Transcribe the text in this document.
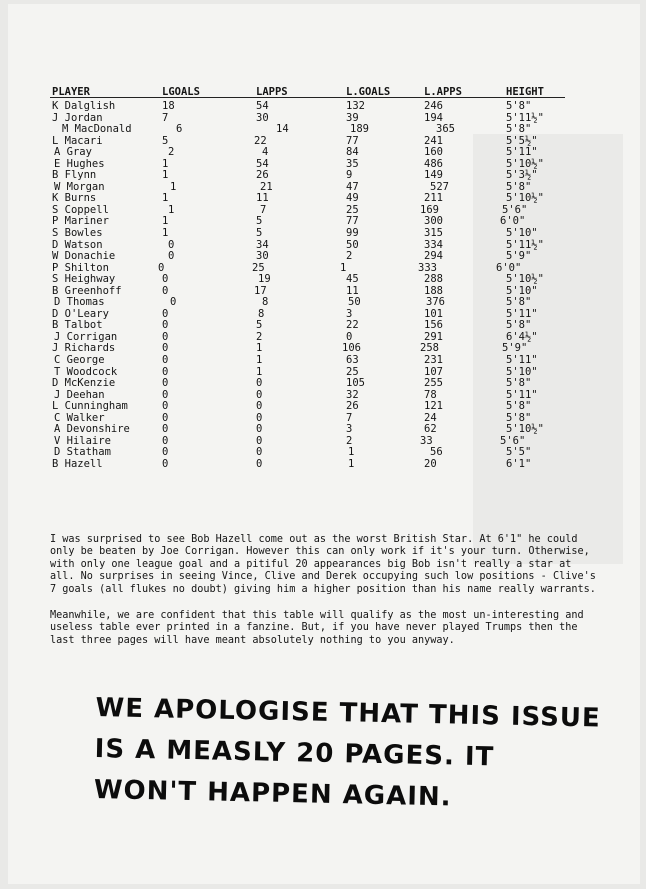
PLAYER	LGOALS	LAPPS	L.GOALS	L.APPS	HEIGHT
K Dalglish	18	54	132	246	5'8"
J Jordan	7	30	39	194	5'11½"
M MacDonald	6	14	189	365	5'8"
L Macari	5	22	77	241	5'5½"
A Gray	2	4	84	160	5'11"
E Hughes	1	54	35	486	5'10½"
B Flynn	1	26	9	149	5'3½"
W Morgan	1	21	47	527	5'8"
K Burns	1	11	49	211	5'10½"
S Coppell	1	7	25	169	5'6"
P Mariner	1	5	77	300	6'0"
S Bowles	1	5	99	315	5'10"
D Watson	0	34	50	334	5'11½"
W Donachie	0	30	2	294	5'9"
P Shilton	0	25	1	333	6'0"
S Heighway	0	19	45	288	5'10½"
B Greenhoff	0	17	11	188	5'10"
D Thomas	0	8	50	376	5'8"
D O'Leary	0	8	3	101	5'11"
B Talbot	0	5	22	156	5'8"
J Corrigan	0	2	0	291	6'4½"
J Richards	0	1	106	258	5'9"
C George	0	1	63	231	5'11"
T Woodcock	0	1	25	107	5'10"
D McKenzie	0	0	105	255	5'8"
J Deehan	0	0	32	78	5'11"
L Cunningham	0	0	26	121	5'8"
C Walker	0	0	7	24	5'8"
A Devonshire	0	0	3	62	5'10½"
V Hilaire	0	0	2	33	5'6"
D Statham	0	0	1	56	5'5"
B Hazell	0	0	1	20	6'1"

I was surprised to see Bob Hazell come out as the worst British Star. At 6'1" he could only be beaten by Joe Corrigan. However this can only work if it's your turn. Otherwise, with only one league goal and a pitiful 20 appearances big Bob isn't really a star at all. No surprises in seeing Vince, Clive and Derek occupying such low positions - Clive's 7 goals (all flukes no doubt) giving him a higher position than his name really warrants.

Meanwhile, we are confident that this table will qualify as the most un-interesting and useless table ever printed in a fanzine. But, if you have never played Trumps then the last three pages will have meant absolutely nothing to you anyway.

WE APOLOGISE THAT THIS ISSUE
IS A MEASLY 20 PAGES. IT
WON'T HAPPEN AGAIN.
